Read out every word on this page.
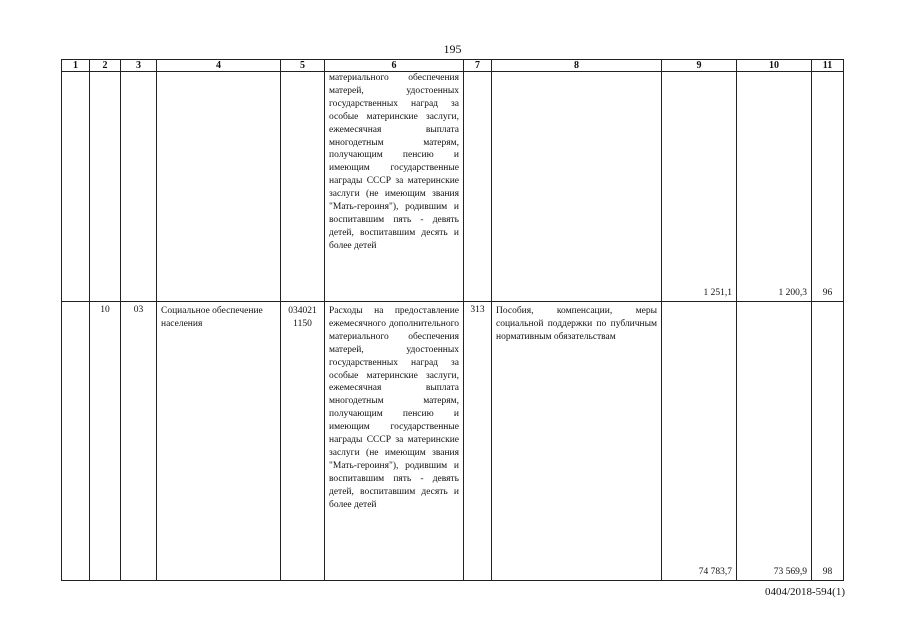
195
1	2	3	4	5	6	7	8	9	10	11
					материального обеспечения матерей, удостоенных государственных наград за особые материнские заслуги, ежемесячная выплата многодетным матерям, получающим пенсию и имеющим государственные награды СССР за материнские заслуги (не имеющим звания "Мать-героиня"), родившим и воспитавшим пять - девять детей, воспитавшим десять и более детей			1 251,1	1 200,3	96
	10	03	Социальное обеспечение населения	034021 1150	Расходы на предоставление ежемесячного дополнительного материального обеспечения матерей, удостоенных государственных наград за особые материнские заслуги, ежемесячная выплата многодетным матерям, получающим пенсию и имеющим государственные награды СССР за материнские заслуги (не имеющим звания "Мать-героиня"), родившим и воспитавшим пять - девять детей, воспитавшим десять и более детей	313	Пособия, компенсации, меры социальной поддержки по публичным нормативным обязательствам	74 783,7	73 569,9	98
0404/2018-594(1)
